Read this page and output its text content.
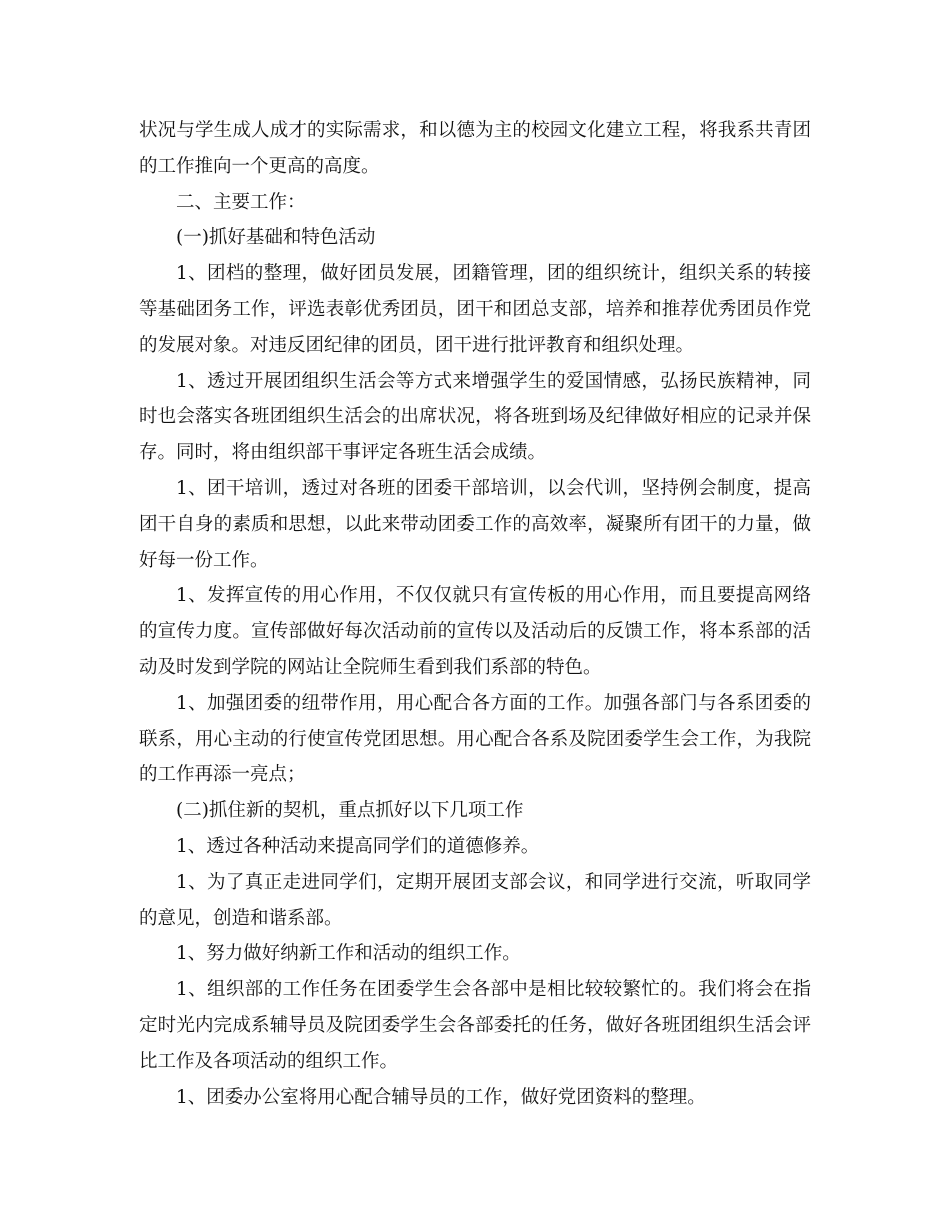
状况与学生成人成才的实际需求，和以德为主的校园文化建立工程，将我系共青团的工作推向一个更高的高度。

二、主要工作：

(一)抓好基础和特色活动

1、团档的整理，做好团员发展，团籍管理，团的组织统计，组织关系的转接等基础团务工作，评选表彰优秀团员，团干和团总支部，培养和推荐优秀团员作党的发展对象。对违反团纪律的团员，团干进行批评教育和组织处理。

1、透过开展团组织生活会等方式来增强学生的爱国情感，弘扬民族精神，同时也会落实各班团组织生活会的出席状况，将各班到场及纪律做好相应的记录并保存。同时，将由组织部干事评定各班生活会成绩。

1、团干培训，透过对各班的团委干部培训，以会代训，坚持例会制度，提高团干自身的素质和思想，以此来带动团委工作的高效率，凝聚所有团干的力量，做好每一份工作。

1、发挥宣传的用心作用，不仅仅就只有宣传板的用心作用，而且要提高网络的宣传力度。宣传部做好每次活动前的宣传以及活动后的反馈工作，将本系部的活动及时发到学院的网站让全院师生看到我们系部的特色。

1、加强团委的纽带作用，用心配合各方面的工作。加强各部门与各系团委的联系，用心主动的行使宣传党团思想。用心配合各系及院团委学生会工作，为我院的工作再添一亮点；

(二)抓住新的契机，重点抓好以下几项工作

1、透过各种活动来提高同学们的道德修养。

1、为了真正走进同学们，定期开展团支部会议，和同学进行交流，听取同学的意见，创造和谐系部。

1、努力做好纳新工作和活动的组织工作。

1、组织部的工作任务在团委学生会各部中是相比较较繁忙的。我们将会在指定时光内完成系辅导员及院团委学生会各部委托的任务，做好各班团组织生活会评比工作及各项活动的组织工作。

1、团委办公室将用心配合辅导员的工作，做好党团资料的整理。
